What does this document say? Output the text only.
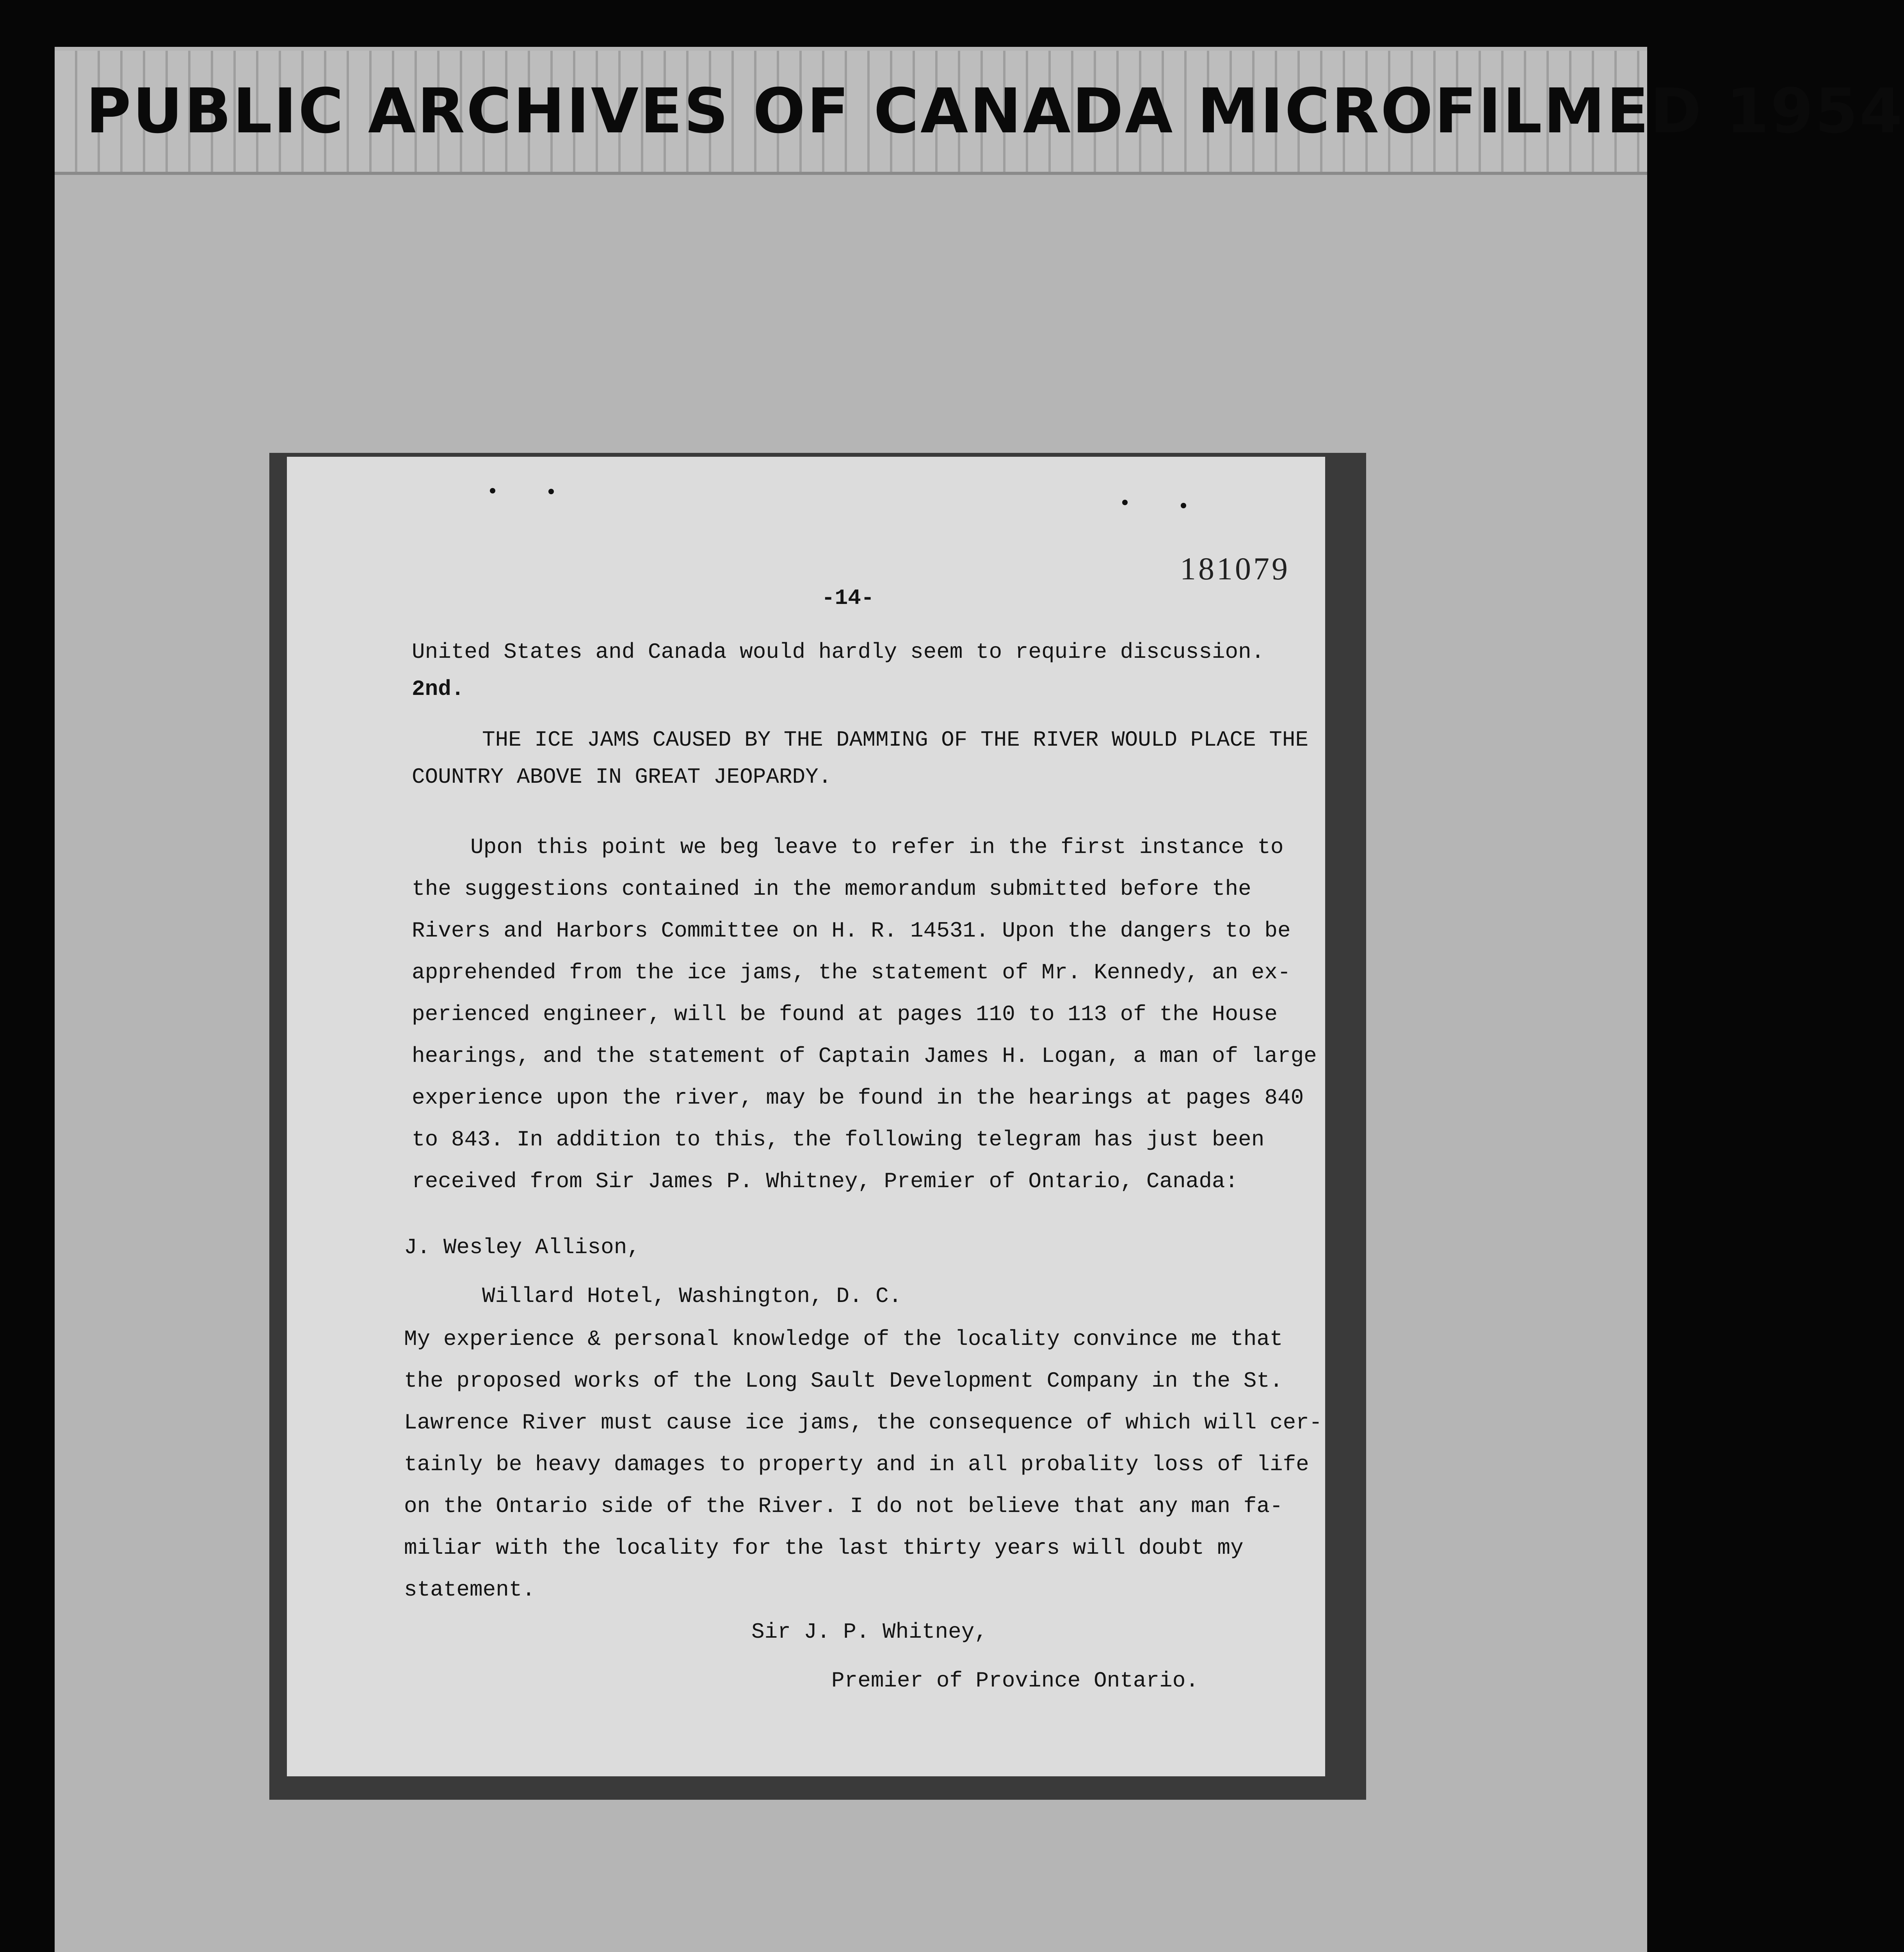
PUBLIC ARCHIVES OF CANADA MICROFILMED 1954
181079
-14-
United States and Canada would hardly seem to require discussion.
2nd.
THE ICE JAMS CAUSED BY THE DAMMING OF THE RIVER WOULD PLACE THE
COUNTRY ABOVE IN GREAT JEOPARDY.
Upon this point we beg leave to refer in the first instance to
the suggestions contained in the memorandum submitted before the
Rivers and Harbors Committee on H. R. 14531. Upon the dangers to be
apprehended from the ice jams, the statement of Mr. Kennedy, an ex-
perienced engineer, will be found at pages 110 to 113 of the House
hearings, and the statement of Captain James H. Logan, a man of large
experience upon the river, may be found in the hearings at pages 840
to 843. In addition to this, the following telegram has just been
received from Sir James P. Whitney, Premier of Ontario, Canada:
J. Wesley Allison,
Willard Hotel, Washington, D. C.
My experience & personal knowledge of the locality convince me that
the proposed works of the Long Sault Development Company in the St.
Lawrence River must cause ice jams, the consequence of which will cer-
tainly be heavy damages to property and in all probality loss of life
on the Ontario side of the River. I do not believe that any man fa-
miliar with the locality for the last thirty years will doubt my
statement.
Sir J. P. Whitney,
Premier of Province Ontario.
